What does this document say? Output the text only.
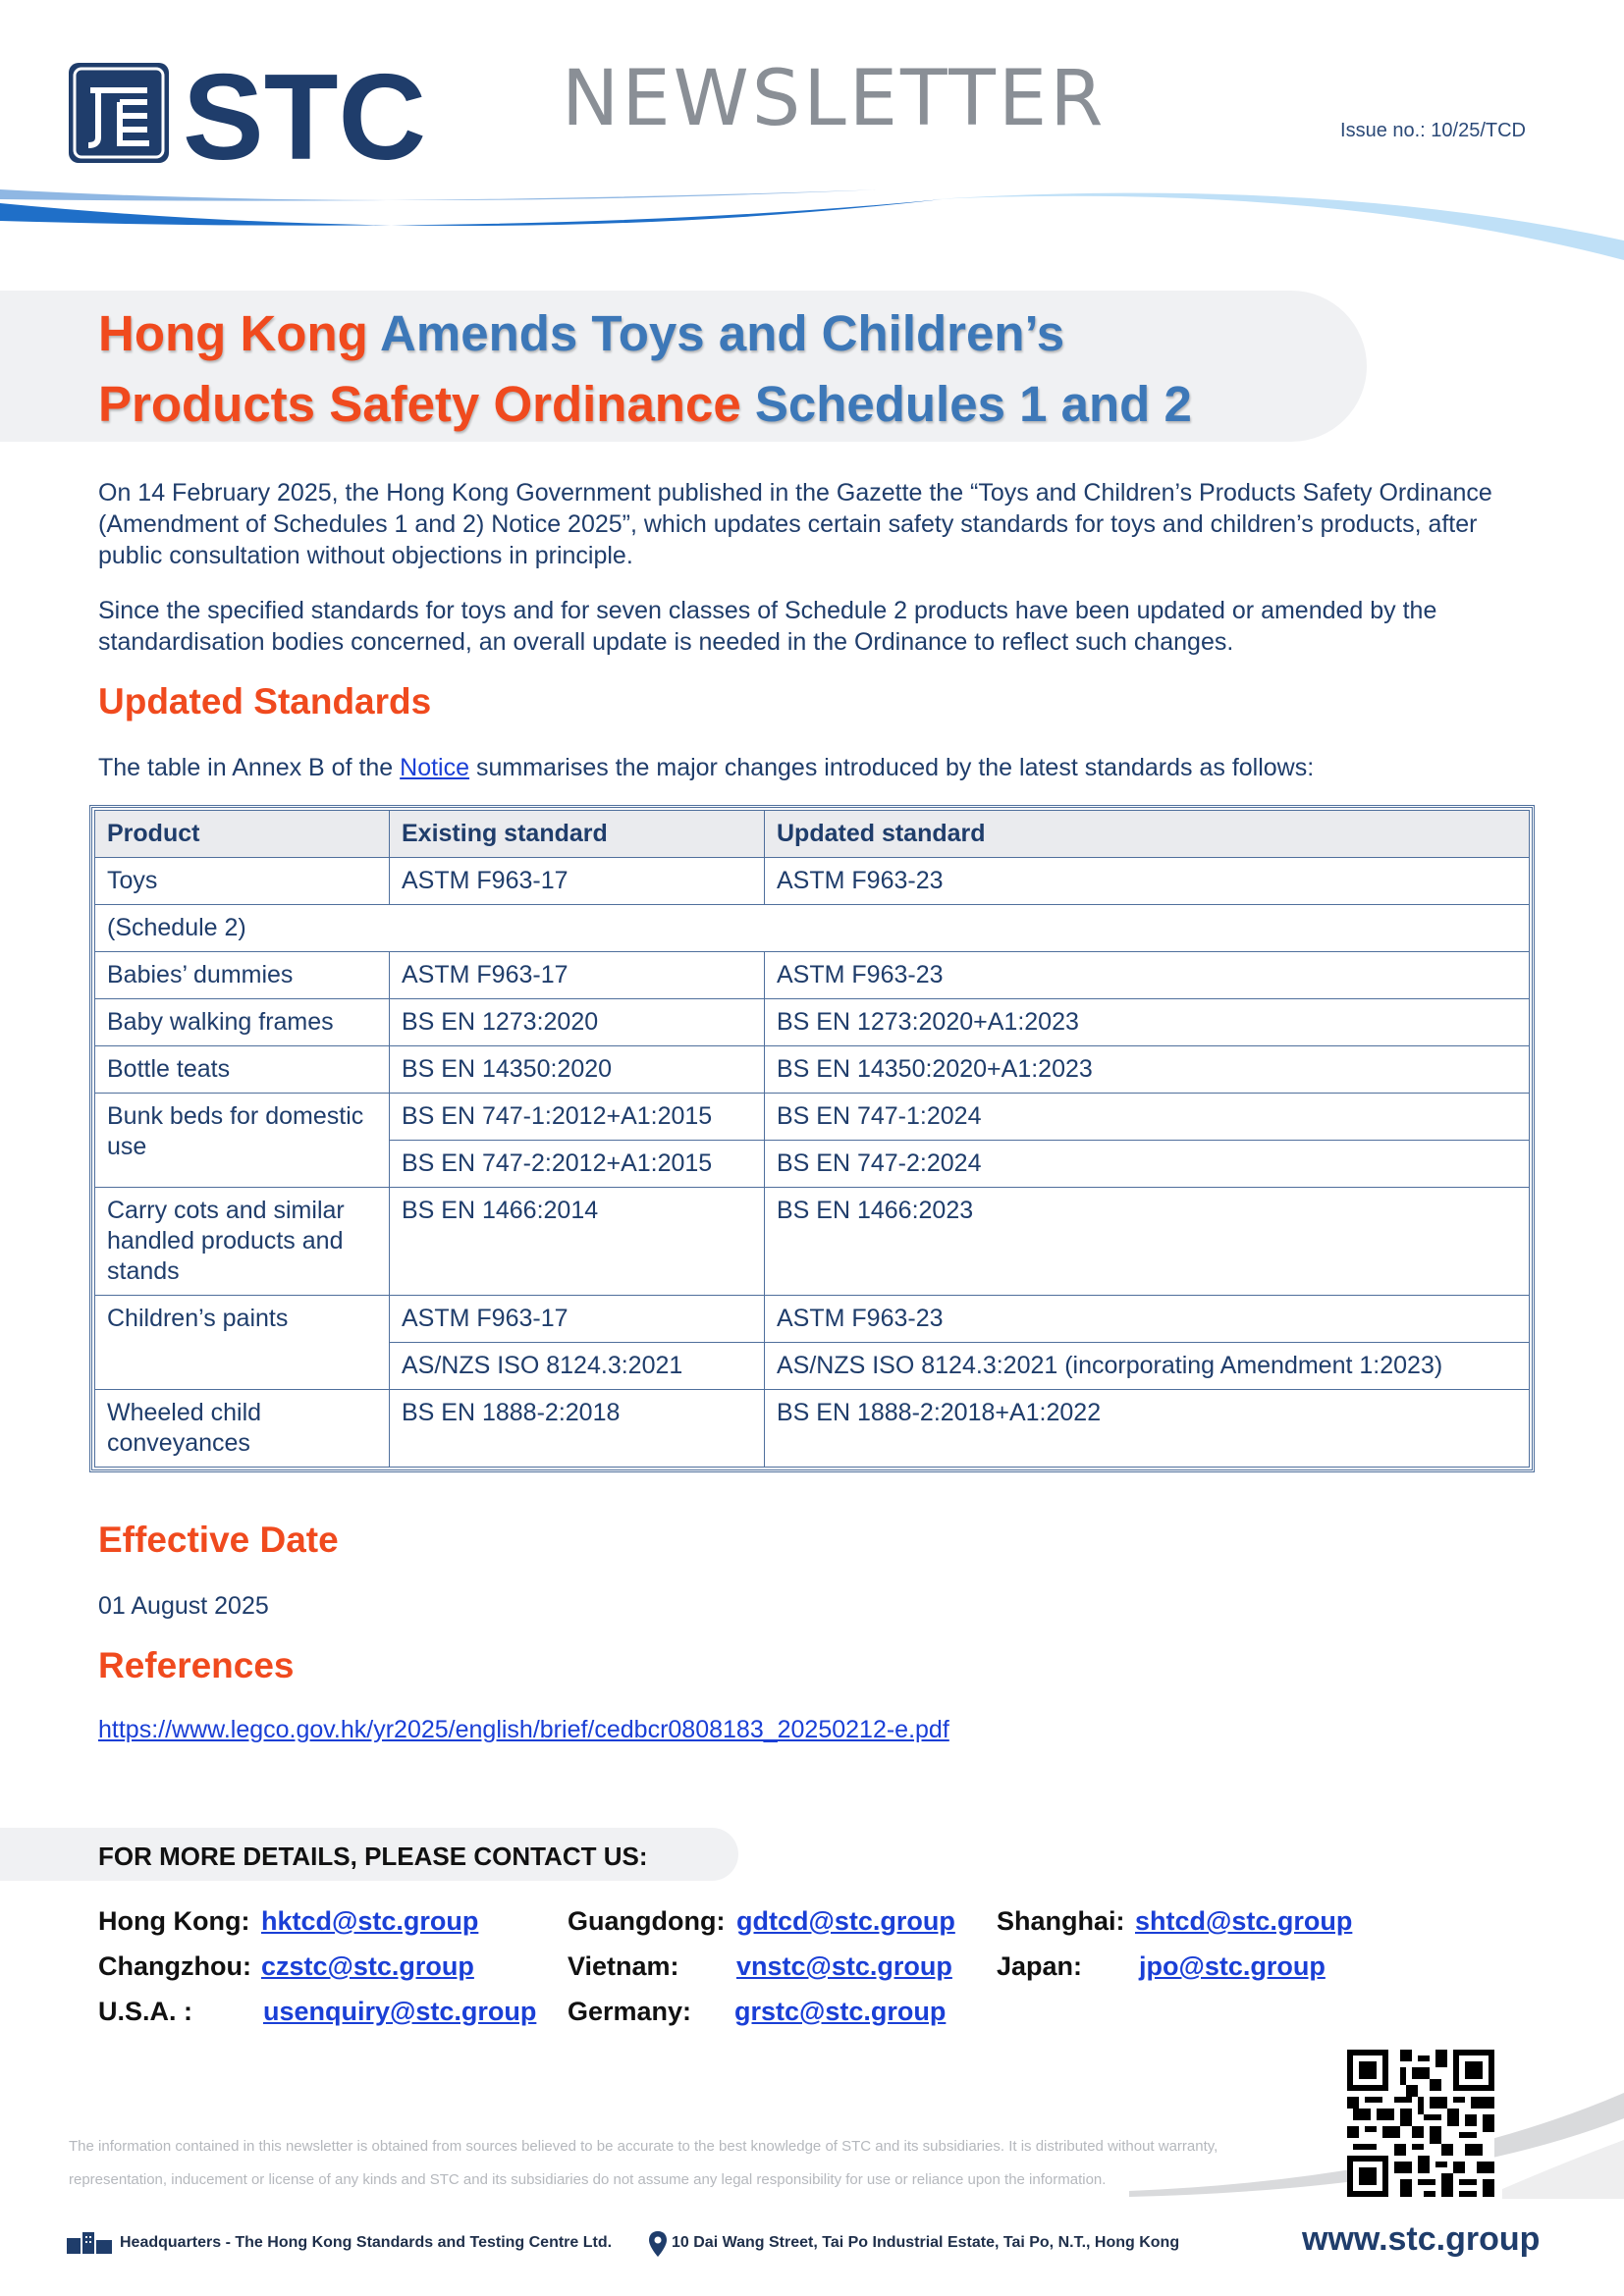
STC NEWSLETTER	Issue no.: 10/25/TCD
Hong Kong Amends Toys and Children’s
Products Safety Ordinance Schedules 1 and 2

On 14 February 2025, the Hong Kong Government published in the Gazette the “Toys and Children’s Products Safety Ordinance (Amendment of Schedules 1 and 2) Notice 2025”, which updates certain safety standards for toys and children’s products, after public consultation without objections in principle.

Since the specified standards for toys and for seven classes of Schedule 2 products have been updated or amended by the standardisation bodies concerned, an overall update is needed in the Ordinance to reflect such changes.

Updated Standards

The table in Annex B of the Notice summarises the major changes introduced by the latest standards as follows:

Product	Existing standard	Updated standard
Toys	ASTM F963-17	ASTM F963-23
(Schedule 2)		
Babies’ dummies	ASTM F963-17	ASTM F963-23
Baby walking frames	BS EN 1273:2020	BS EN 1273:2020+A1:2023
Bottle teats	BS EN 14350:2020	BS EN 14350:2020+A1:2023
Bunk beds for domestic use	BS EN 747-1:2012+A1:2015	BS EN 747-1:2024
	BS EN 747-2:2012+A1:2015	BS EN 747-2:2024
Carry cots and similar handled products and stands	BS EN 1466:2014	BS EN 1466:2023
Children’s paints	ASTM F963-17	ASTM F963-23
	AS/NZS ISO 8124.3:2021	AS/NZS ISO 8124.3:2021 (incorporating Amendment 1:2023)
Wheeled child conveyances	BS EN 1888-2:2018	BS EN 1888-2:2018+A1:2022
Effective Date

01 August 2025

References

https://www.legco.gov.hk/yr2025/english/brief/cedbcr0808183_20250212-e.pdf

FOR MORE DETAILS, PLEASE CONTACT US:
Hong Kong: hktcd@stc.group	Guangdong: gdtcd@stc.group Shanghai: shtcd@stc.group
Changzhou: czstc@stc.group	Vietnam: vnstc@stc.group Japan: jpo@stc.group
U.S.A. :	usenquiry@stc.group Germany: grstc@stc.group

The information contained in this newsletter is obtained from sources believed to be accurate to the best knowledge of STC and its subsidiaries. It is distributed without warranty, representation, inducement or license of any kinds and STC and its subsidiaries do not assume any legal responsibility for use or reliance upon the information.

Headquarters - The Hong Kong Standards and Testing Centre Ltd.	10 Dai Wang Street, Tai Po Industrial Estate, Tai Po, N.T., Hong Kong	www.stc.group
